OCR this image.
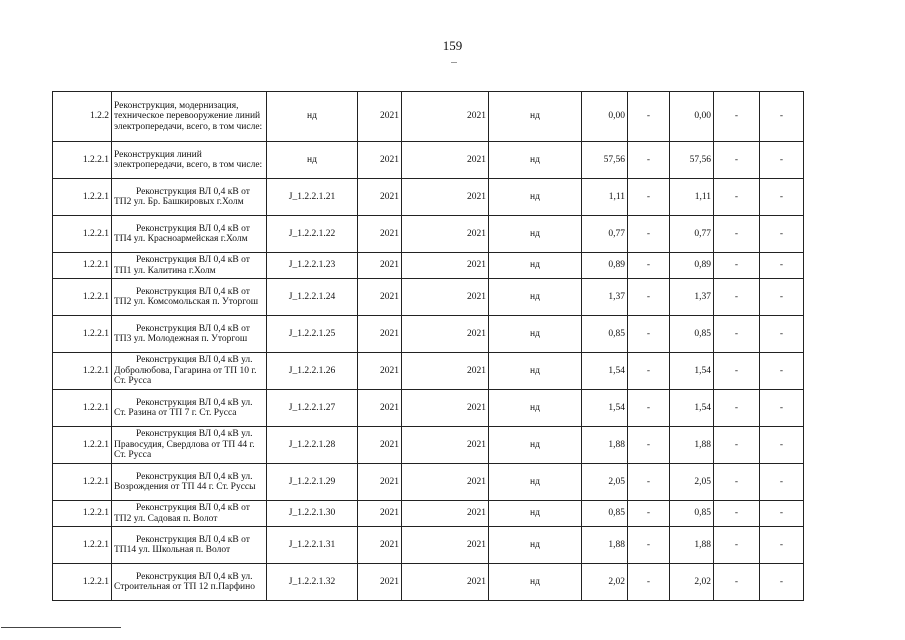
159
1.2.2	Реконструкция, модернизация, техническое перевооружение линий электропередачи, всего, в том числе:	нд	2021	2021	нд	0,00	-	0,00	-	-

1.2.2.1	Реконструкция линий электропередачи, всего, в том числе:	нд	2021	2021	нд	57,56	-	57,56	-	-

1.2.2.1	Реконструкция ВЛ 0,4 кВ от ТП2 ул. Бр. Башкировых г.Холм	J_1.2.2.1.21	2021	2021	нд	1,11	-	1,11	-	-

1.2.2.1	Реконструкция ВЛ 0,4 кВ от ТП4 ул. Красноармейская г.Холм	J_1.2.2.1.22	2021	2021	нд	0,77	-	0,77	-	-

1.2.2.1	Реконструкция ВЛ 0,4 кВ от ТП1 ул. Калитина г.Холм	J_1.2.2.1.23	2021	2021	нд	0,89	-	0,89	-	-

1.2.2.1	Реконструкция ВЛ 0,4 кВ от ТП2 ул. Комсомольская п. Уторгош	J_1.2.2.1.24	2021	2021	нд	1,37	-	1,37	-	-

1.2.2.1	Реконструкция ВЛ 0,4 кВ от ТП3 ул. Молодежная п. Уторгош	J_1.2.2.1.25	2021	2021	нд	0,85	-	0,85	-	-

1.2.2.1	Реконструкция ВЛ 0,4 кВ ул. Добролюбова, Гагарина от ТП 10 г. Ст. Русса	J_1.2.2.1.26	2021	2021	нд	1,54	-	1,54	-	-

1.2.2.1	Реконструкция ВЛ 0,4 кВ ул. Ст. Разина от ТП 7 г. Ст. Русса	J_1.2.2.1.27	2021	2021	нд	1,54	-	1,54	-	-

1.2.2.1	Реконструкция ВЛ 0,4 кВ ул. Правосудия, Свердлова от ТП 44 г. Ст. Русса	J_1.2.2.1.28	2021	2021	нд	1,88	-	1,88	-	-

1.2.2.1	Реконструкция ВЛ 0,4 кВ ул. Возрождения от ТП 44 г. Ст. Руссы	J_1.2.2.1.29	2021	2021	нд	2,05	-	2,05	-	-

1.2.2.1	Реконструкция ВЛ 0,4 кВ от ТП2 ул. Садовая п. Волот	J_1.2.2.1.30	2021	2021	нд	0,85	-	0,85	-	-

1.2.2.1	Реконструкция ВЛ 0,4 кВ от ТП14 ул. Школьная п. Волот	J_1.2.2.1.31	2021	2021	нд	1,88	-	1,88	-	-

1.2.2.1	Реконструкция ВЛ 0,4 кВ ул. Строительная от ТП 12 п.Парфино	J_1.2.2.1.32	2021	2021	нд	2,02	-	2,02	-	-
